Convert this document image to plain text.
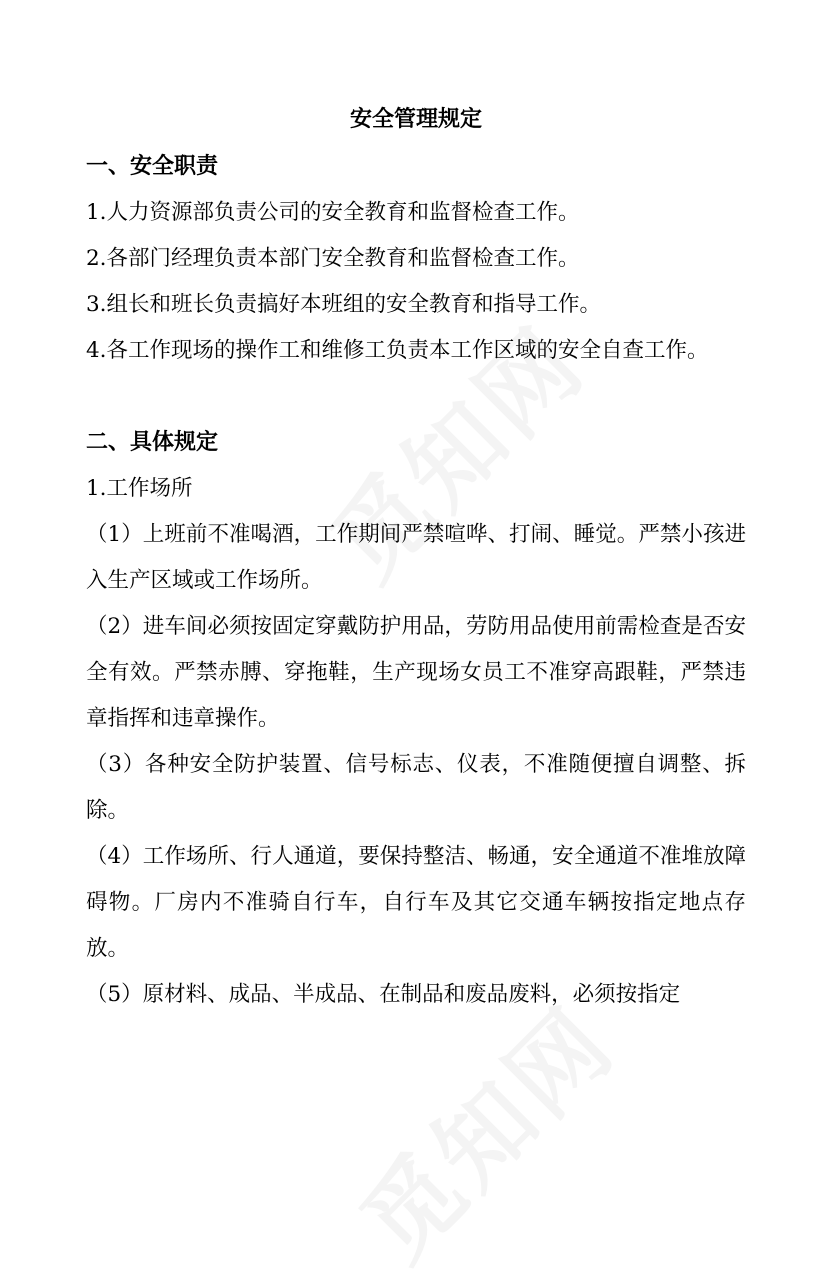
安全管理规定
一、安全职责

1.人力资源部负责公司的安全教育和监督检查工作。

2.各部门经理负责本部门安全教育和监督检查工作。

3.组长和班长负责搞好本班组的安全教育和指导工作。

4.各工作现场的操作工和维修工负责本工作区域的安全自查工作。

二、具体规定

1.工作场所

（1）上班前不准喝酒，工作期间严禁喧哗、打闹、睡觉。严禁小孩进入生产区域或工作场所。

（2）进车间必须按固定穿戴防护用品，劳防用品使用前需检查是否安全有效。严禁赤膊、穿拖鞋，生产现场女员工不准穿高跟鞋，严禁违章指挥和违章操作。

（3）各种安全防护装置、信号标志、仪表，不准随便擅自调整、拆除。

（4）工作场所、行人通道，要保持整洁、畅通，安全通道不准堆放障碍物。厂房内不准骑自行车，自行车及其它交通车辆按指定地点存放。

（5）原材料、成品、半成品、在制品和废品废料，必须按指定
